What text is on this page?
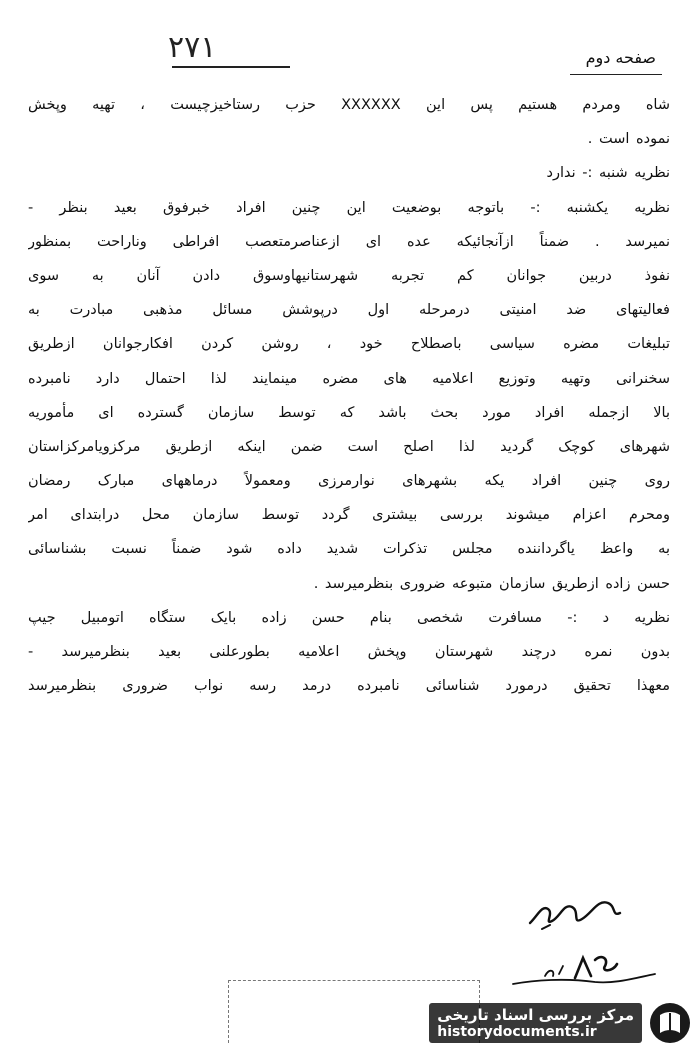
۲۷۱	صفحه دوم
شاه ومردم هستیم پس این XXXXXX حزب رستاخیزچیست ، تهیه وپخش
نموده است .
نظریه شنبه :- ندارد
نظریه یکشنبه :- باتوجه بوضعیت این چنین افراد خبرفوق بعید بنظر -
نمیرسد . ضمناً ازآنجائیکه عده ای ازعناصرمتعصب افراطی وناراحت بمنظور
نفوذ دربین جوانان کم تجربه شهرستانیهاوسوق دادن آنان به سوی
فعالیتهای ضد امنیتی درمرحله اول درپوشش مسائل مذهبی مبادرت به
تبلیغات مضره سیاسی باصطلاح خود ، روشن کردن افکارجوانان ازطریق
سخنرانی وتهیه وتوزیع اعلامیه های مضره مینمایند لذا احتمال دارد نامبرده
بالا ازجمله افراد مورد بحث باشد که توسط سازمان گسترده ای مأموریه
شهرهای کوچک گردید لذا اصلح است ضمن اینکه ازطریق مرکزویامرکزاستان
روی چنین افراد یکه بشهرهای نوارمرزی ومعمولاً درماههای مبارک رمضان
ومحرم اعزام میشوند بررسی بیشتری گردد توسط سازمان محل درابتدای امر
به واعظ یاگرداننده مجلس تذکرات شدید داده شود ضمناً نسبت بشناسائی
حسن زاده ازطریق سازمان متبوعه ضروری بنظرمیرسد .
نظریه د :- مسافرت شخصی بنام حسن زاده بایک ستگاه اتومبیل جیپ
بدون نمره درچند شهرستان وپخش اعلامیه بطورعلنی بعید بنظرمیرسد -
معهذا تحقیق درمورد شناسائی نامبرده درمد رسه نواب ضروری بنظرمیرسد
مرکز بررسی اسناد تاریخی
historydocuments.ir
